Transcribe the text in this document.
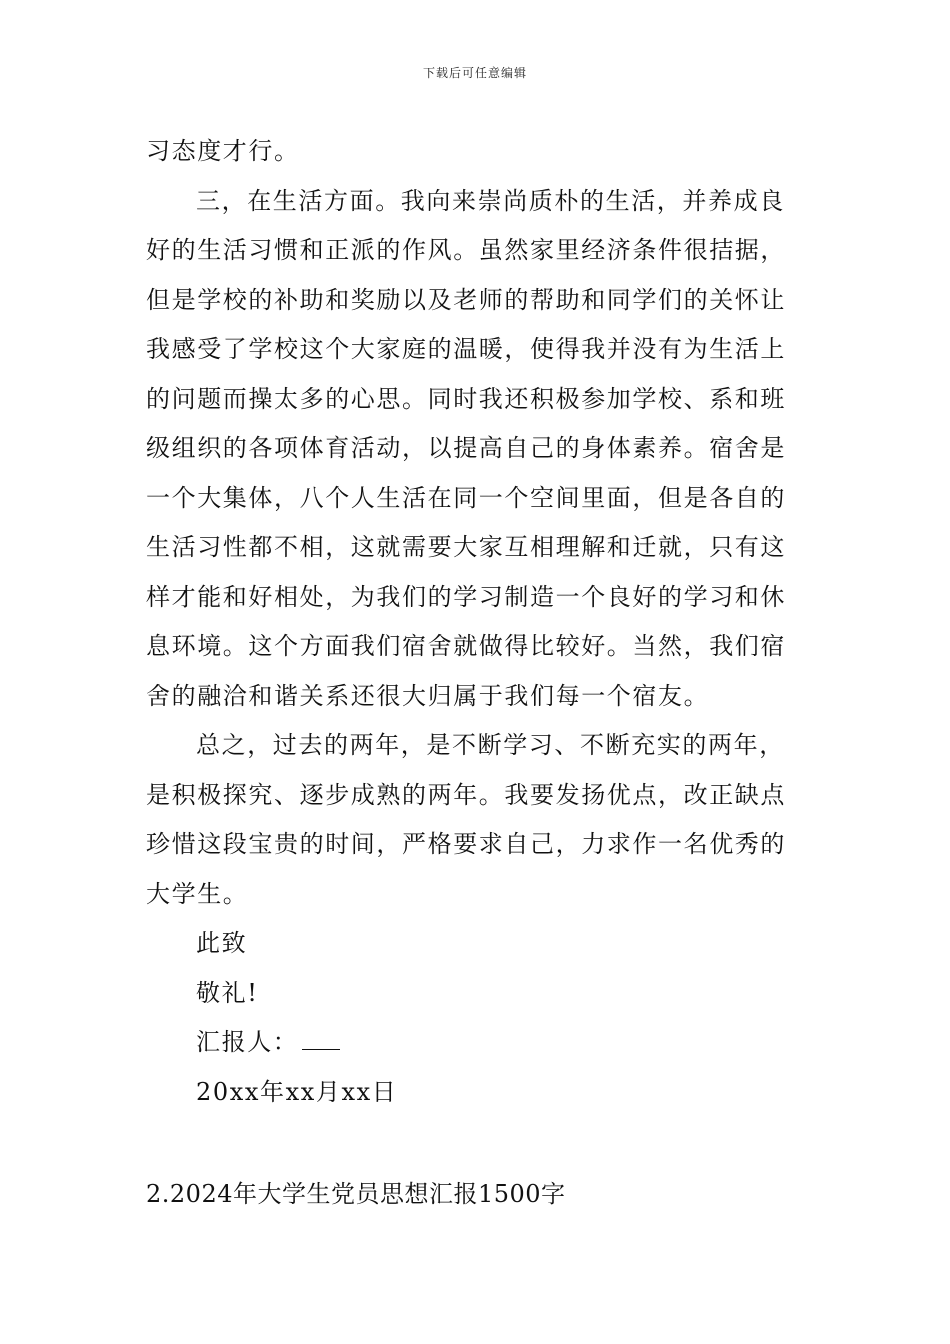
下载后可任意编辑
习态度才行。
三，在生活方面。我向来崇尚质朴的生活，并养成良
好的生活习惯和正派的作风。虽然家里经济条件很拮据，
但是学校的补助和奖励以及老师的帮助和同学们的关怀让
我感受了学校这个大家庭的温暖，使得我并没有为生活上
的问题而操太多的心思。同时我还积极参加学校、系和班
级组织的各项体育活动，以提高自己的身体素养。宿舍是
一个大集体，八个人生活在同一个空间里面，但是各自的
生活习性都不相，这就需要大家互相理解和迁就，只有这
样才能和好相处，为我们的学习制造一个良好的学习和休
息环境。这个方面我们宿舍就做得比较好。当然，我们宿
舍的融洽和谐关系还很大归属于我们每一个宿友。
总之，过去的两年，是不断学习、不断充实的两年，
是积极探究、逐步成熟的两年。我要发扬优点，改正缺点
珍惜这段宝贵的时间，严格要求自己，力求作一名优秀的
大学生。
此致
敬礼!
汇报人：
20xx年xx月xx日
2.2024年大学生党员思想汇报1500字
